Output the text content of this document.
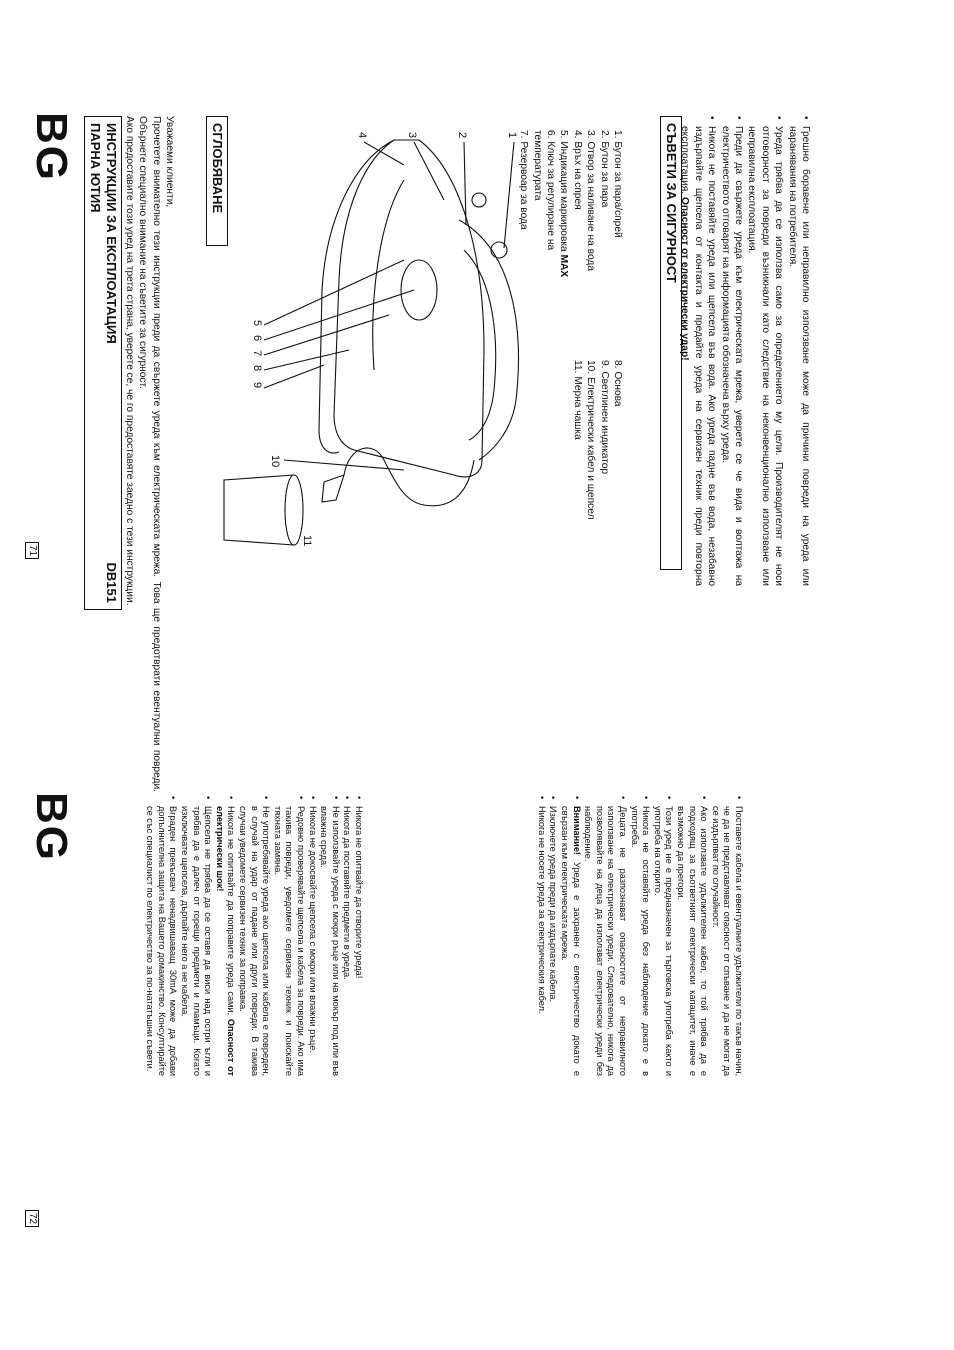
BG ИНСТРУКЦИИ ЗА ЕКСПЛОАТАЦИЯ
DB151
ПАРНА ЮТИЯ	Уважаеми клиенти,

Прочетете внимателно тези инструкции преди да свържете уреда към електрическата мрежа. Това ще предотврати евентуални повреди. Обърнете специално внимание на съветите за сигурност.

Ако предоставите този уред на трета страна, уверете се, че го предоставяте заедно с тези инструкции.	СГЛОБЯВАНЕ	1
2
3
4
5
6
7
8
9
10
11
1. Бутон за пара/спрей
2. Бутон за пара
3. Отвор за наливане на вода
4. Връх на спрея
5. Индикация маркировка MAX
6. Ключ за регулиране на
температурата
7. Резервоар за вода
8. Основа
9. Светлинен индикатор
10. Електрически кабел и щепсел
11. Мерна чашка
СЪВЕТИ ЗА СИГУРНОСТ	• Грешно боравене или неправилно използване може да причини повреди на уреда или наранявания на потребителя.
• Уреда трябва да се използва само за определението му цели. Производителят не носи отговорност за повреди възникнали като следствие на неконвенционално използване или неправилна експлоатация.
• Преди да свържете уреда към електрическата мрежа, уверете се че вида и волтажа на електричеството отговарят на информацията обозначена върху уреда.
• Никога не поставяйте уреда или щепсела във вода. Ако уреда падне във вода, незабавно издърпайте щепсела от контакта и предайте уреда на сервизен техник преди повторна експлоатация. Опасност от електрически удар!
71
BG	• Никога не опитвайте да отворите уреда!
• Никога да поставяйте предмети в уреда.
• Не използвайте уреда с мокри ръце или на мокър под или във влажна среда.
• Никога не докосвайте щепсела с мокри или влажни ръце.
• Редовно проверявайте щепсела и кабела за повреди. Ако има такива повреди, уведомете сервизен техник и поискайте тяхната замяна.
• Не употребявайте уреда ако щепсела или кабела е повреден, в случай на удар от падане или други повреди. В такива случаи уведомете сервизен техник за поправка.
• Никога не опитвайте да поправите уреда сами. Опасност от електрически шок!
• Щепсела не трябва да се оставя да виси над остри ъгли и трябва да е далеч от горещи предмети и пламъци. Когато изключвате щепсела, дърпайте него а не кабела.
• Вграден прекъсвач ненадвишаващ 30mA може да добави допълнителна защита на Вашето домакинство. Консултирайте се със специалист по електричество за по-нататъшни съвети.	• Поставете кабела и евентуалните удължители по такъв начин, че да не представляват опасност от спъване и да не могат да се издърпват по случайност.
• Ако използвате удължителен кабел, то той трябва да е подходящ за съответният електрически капацитет, иначе е възможно да прегори.
• Този уред не е предназначен за търговска употреба както и употреба на открито.
• Никога не оставяйте уреда без наблюдение докато е в употреба.
• Децата не разпознават опасностите от неправилното използване на електрически уреди. Следователно, никога да позволявайте на деца да използват електрически уреди без наблюдение.
• Внимание! Уреда е захранен с електричество докато е свързан към електрическата мрежа.
• Изключете уреда преди да издърпате кабела.
• Никога не носете уреда за електрическия кабел.
72
